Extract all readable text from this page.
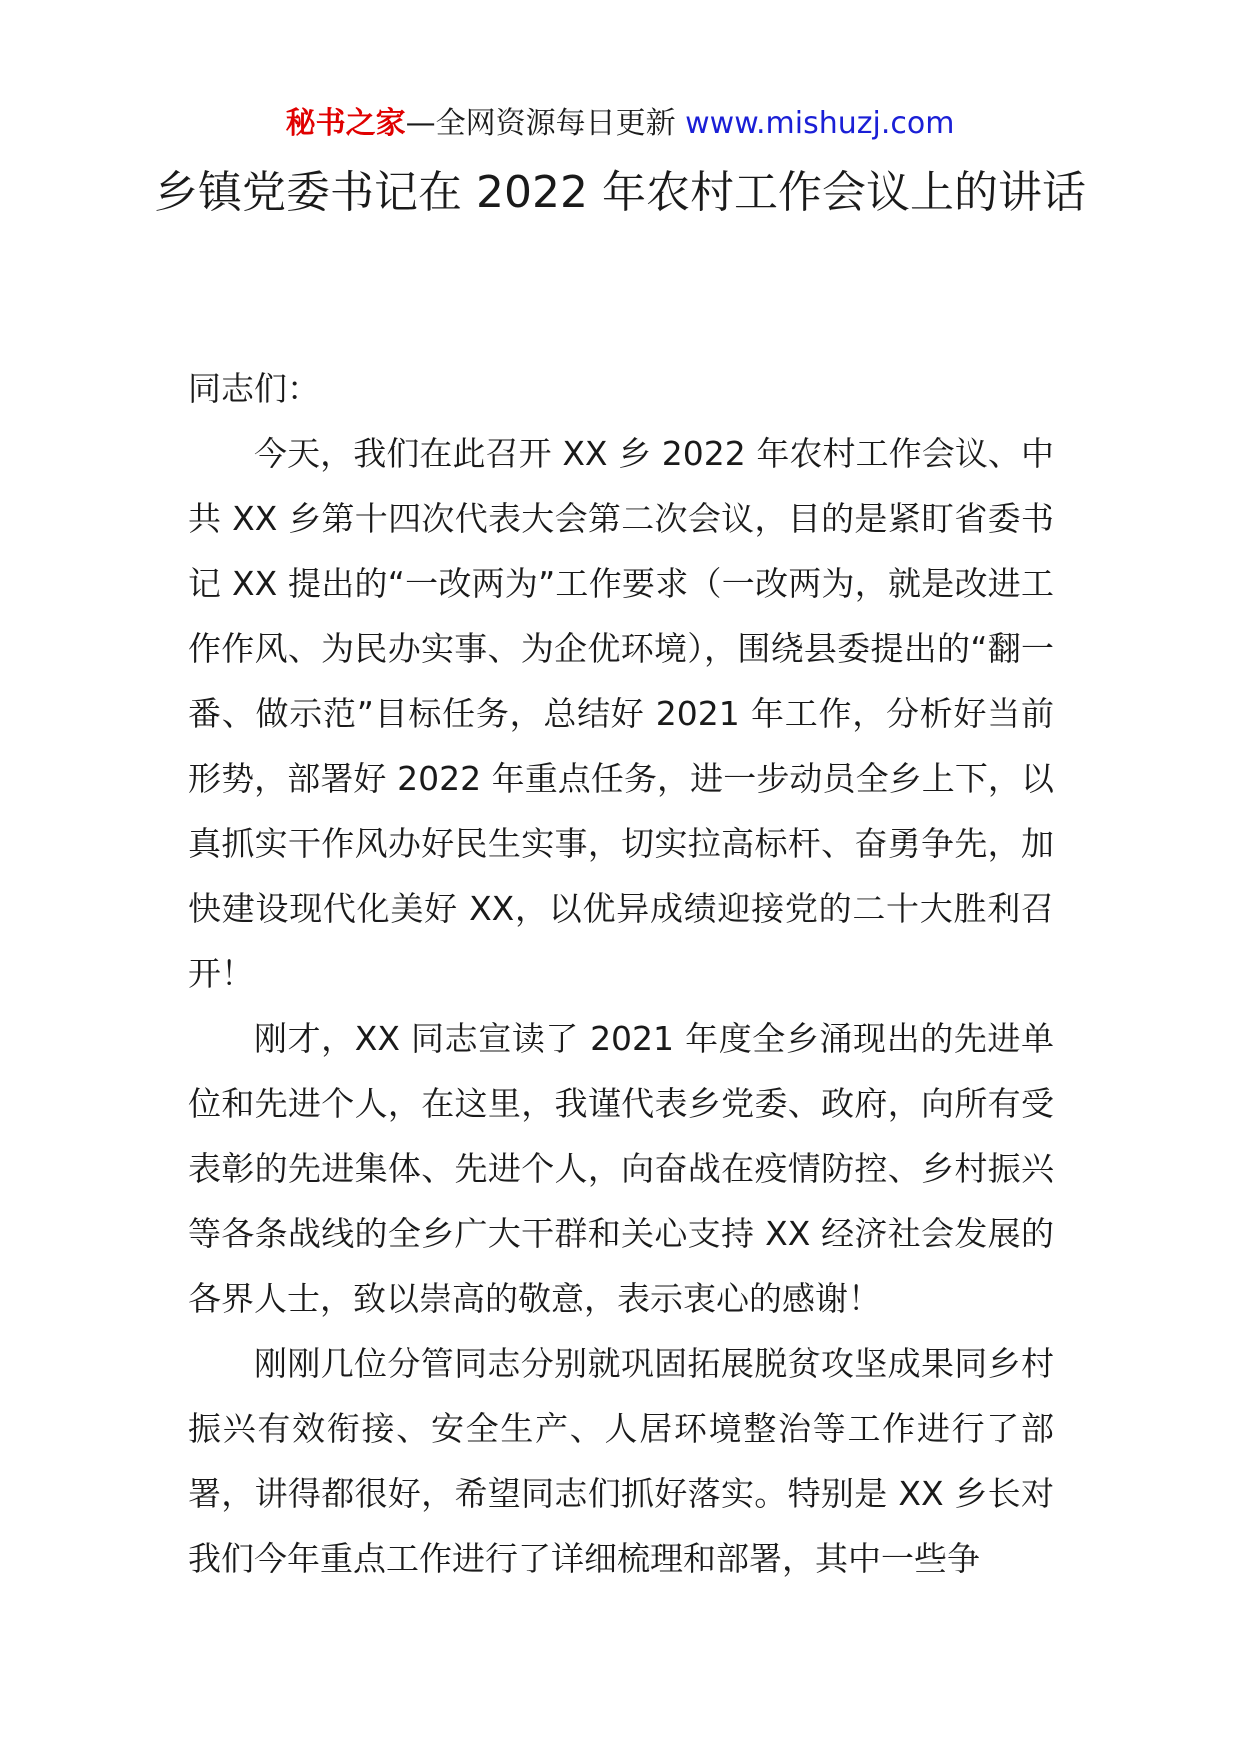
秘书之家—全网资源每日更新 www.mishuzj.com
乡镇党委书记在 2022 年农村工作会议上的讲话

同志们：

今天，我们在此召开 XX 乡 2022 年农村工作会议、中共 XX 乡第十四次代表大会第二次会议，目的是紧盯省委书记 XX 提出的“一改两为”工作要求（一改两为，就是改进工作作风、为民办实事、为企优环境），围绕县委提出的“翻一番、做示范”目标任务，总结好 2021 年工作，分析好当前形势，部署好 2022 年重点任务，进一步动员全乡上下，以真抓实干作风办好民生实事，切实拉高标杆、奋勇争先，加快建设现代化美好 XX，以优异成绩迎接党的二十大胜利召开！

刚才，XX 同志宣读了 2021 年度全乡涌现出的先进单位和先进个人，在这里，我谨代表乡党委、政府，向所有受表彰的先进集体、先进个人，向奋战在疫情防控、乡村振兴等各条战线的全乡广大干群和关心支持 XX 经济社会发展的各界人士，致以崇高的敬意，表示衷心的感谢！

刚刚几位分管同志分别就巩固拓展脱贫攻坚成果同乡村振兴有效衔接、安全生产、人居环境整治等工作进行了部署，讲得都很好，希望同志们抓好落实。特别是 XX 乡长对我们今年重点工作进行了详细梳理和部署，其中一些争
